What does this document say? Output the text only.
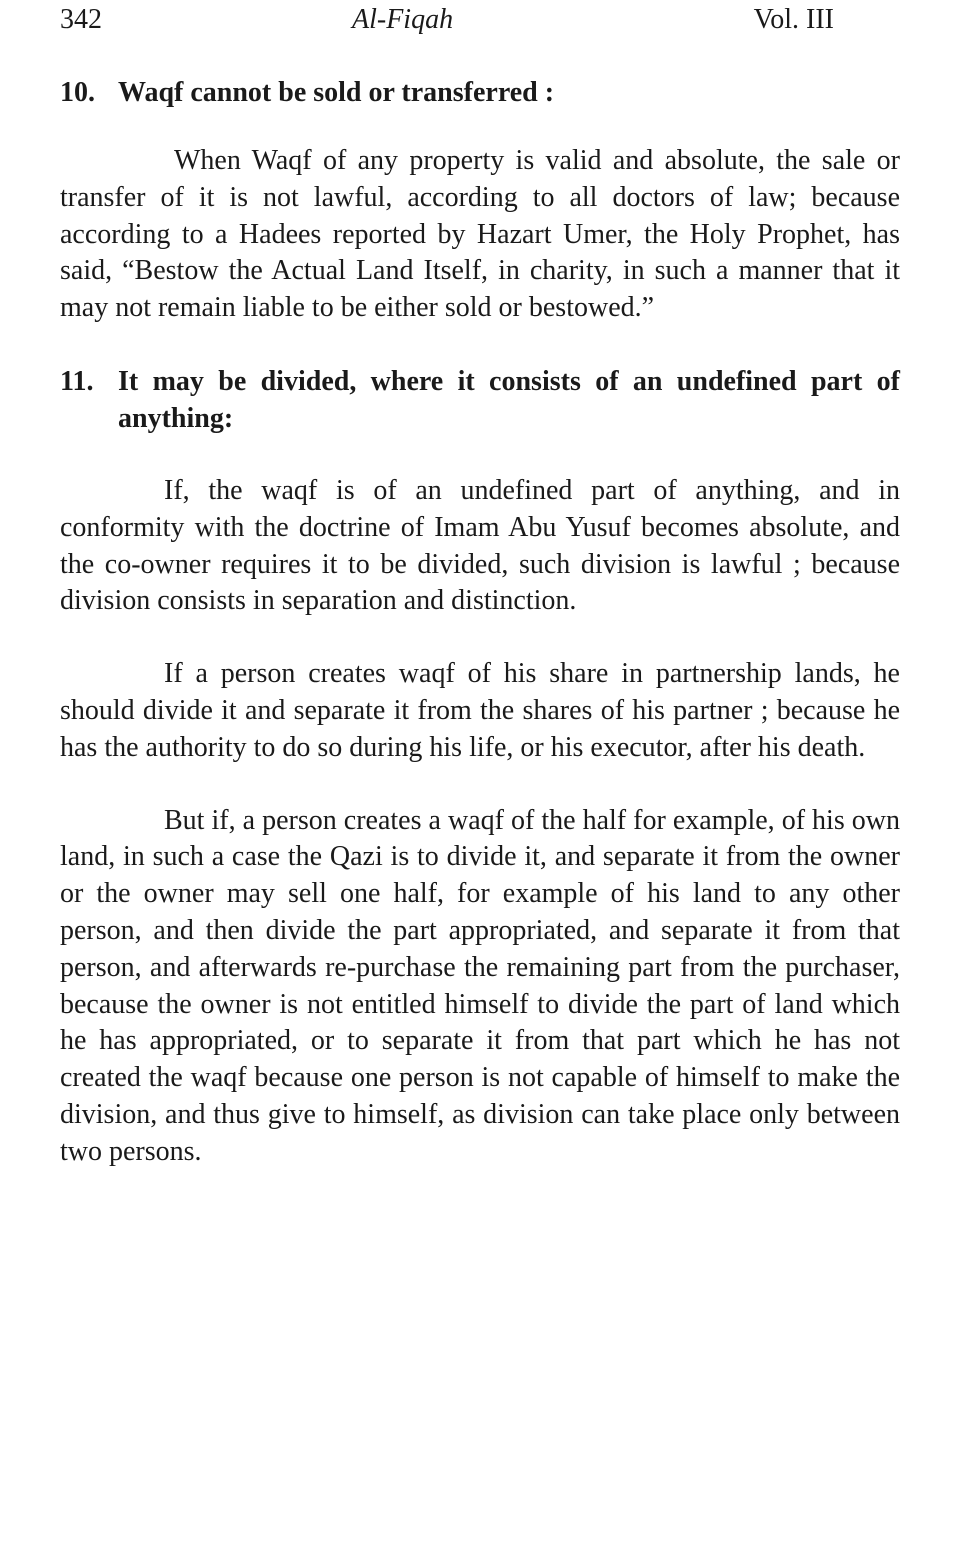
342	Al-Fiqah	Vol. III
10. Waqf cannot be sold or transferred :

When Waqf of any property is valid and absolute, the sale or transfer of it is not lawful, according to all doctors of law; because according to a Hadees reported by Hazart Umer, the Holy Prophet, has said, “Bestow the Actual Land Itself, in charity, in such a manner that it may not remain liable to be either sold or bestowed.”

11. It may be divided, where it consists of an undefined part of anything:

If, the waqf is of an undefined part of anything, and in conformity with the doctrine of Imam Abu Yusuf becomes absolute, and the co-owner requires it to be divided, such division is lawful ; because division consists in separation and distinction.

If a person creates waqf of his share in partnership lands, he should divide it and separate it from the shares of his partner ; because he has the authority to do so during his life, or his executor, after his death.

But if, a person creates a waqf of the half for example, of his own land, in such a case the Qazi is to divide it, and separate it from the owner or the owner may sell one half, for example of his land to any other person, and then divide the part appropriated, and separate it from that person, and afterwards re-purchase the remaining part from the purchaser, because the owner is not entitled himself to divide the part of land which he has appropriated, or to separate it from that part which he has not created the waqf because one person is not capable of himself to make the division, and thus give to himself, as division can take place only between two persons.
